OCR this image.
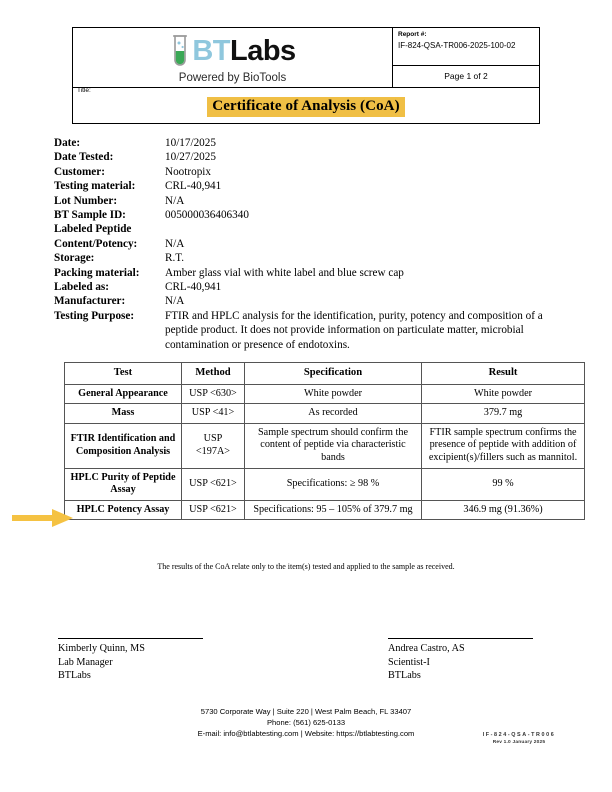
BT Labs
Powered by BioTools
Report #:
IF-824-QSA-TR006-2025-100-02
Page 1 of 2
Title:
Certificate of Analysis (CoA)
Date:	10/17/2025
Date Tested:	10/27/2025
Customer:	Nootropix
Testing material:	CRL-40,941
Lot Number:	N/A
BT Sample ID:	005000036406340
Labeled Peptide
Content/Potency:	N/A
Storage:	R.T.
Packing material:	Amber glass vial with white label and blue screw cap
Labeled as:	CRL-40,941
Manufacturer:	N/A
Testing Purpose:	FTIR and HPLC analysis for the identification, purity, potency and composition of a peptide product. It does not provide information on particulate matter, microbial contamination or presence of endotoxins.
Test	Method	Specification	Result
General Appearance	USP <630>	White powder	White powder
Mass	USP <41>	As recorded	379.7 mg
FTIR Identification and Composition Analysis	USP <197A>	Sample spectrum should confirm the content of peptide via characteristic bands	FTIR sample spectrum confirms the presence of peptide with addition of excipient(s)/fillers such as mannitol.
HPLC Purity of Peptide Assay	USP <621>	Specifications: ≥ 98 %	99 %
HPLC Potency Assay	USP <621>	Specifications: 95 – 105% of 379.7 mg	346.9 mg (91.36%)
The results of the CoA relate only to the item(s) tested and applied to the sample as received.
Kimberly Quinn, MS
Lab Manager
BTLabs
Andrea Castro, AS
Scientist-I
BTLabs
5730 Corporate Way | Suite 220 | West Palm Beach, FL 33407
Phone: (561) 625-0133
E-mail: info@btlabtesting.com | Website: https://btlabtesting.com	IF-824-QSA-TR006
Rev 1.0 January 2025
